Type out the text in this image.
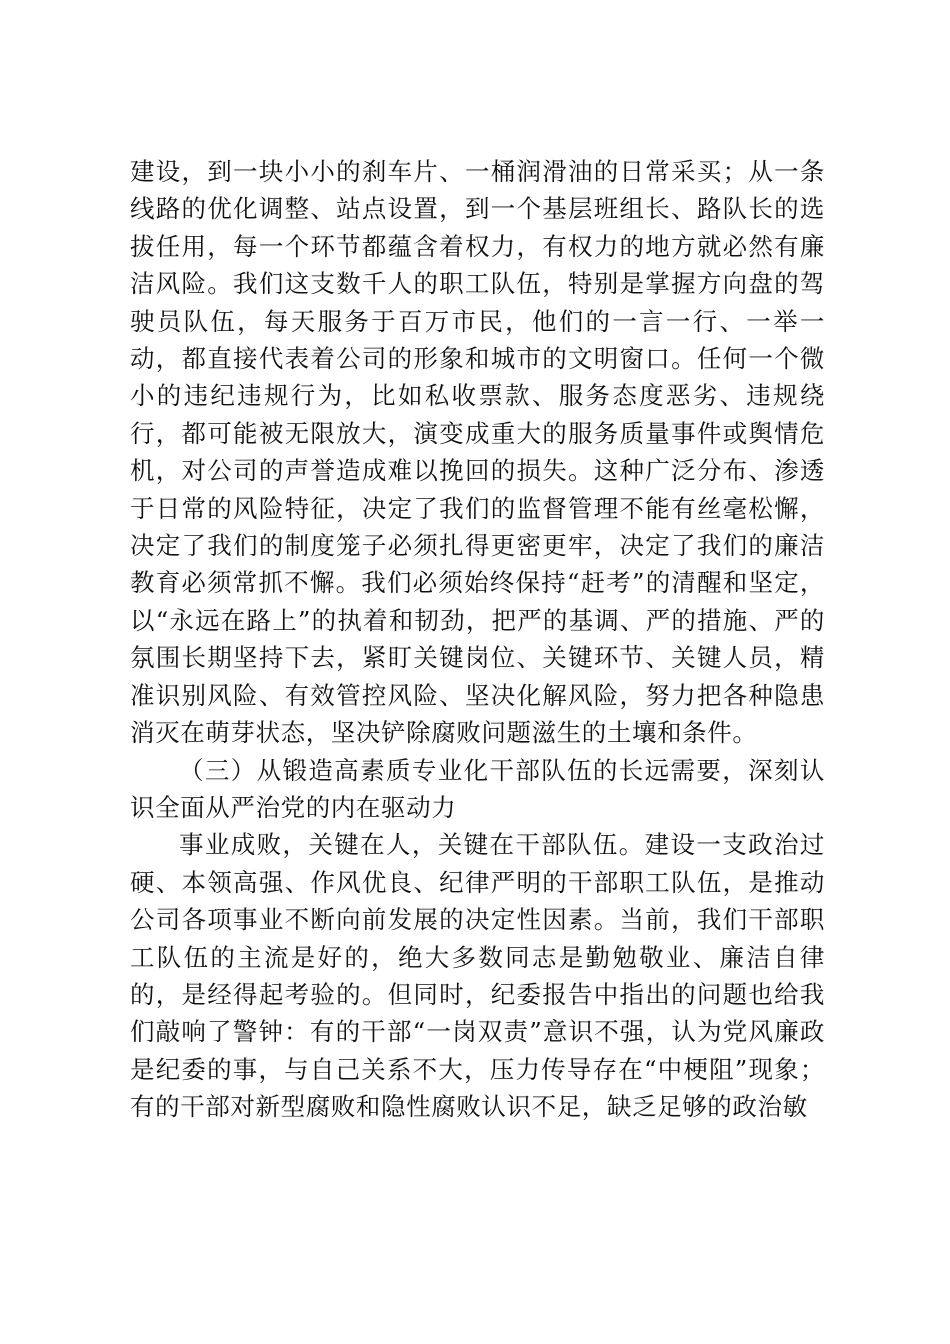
建设，到一块小小的刹车片、一桶润滑油的日常采买；从一条线路的优化调整、站点设置，到一个基层班组长、路队长的选拔任用，每一个环节都蕴含着权力，有权力的地方就必然有廉洁风险。我们这支数千人的职工队伍，特别是掌握方向盘的驾驶员队伍，每天服务于百万市民，他们的一言一行、一举一动，都直接代表着公司的形象和城市的文明窗口。任何一个微小的违纪违规行为，比如私收票款、服务态度恶劣、违规绕行，都可能被无限放大，演变成重大的服务质量事件或舆情危机，对公司的声誉造成难以挽回的损失。这种广泛分布、渗透于日常的风险特征，决定了我们的监督管理不能有丝毫松懈，决定了我们的制度笼子必须扎得更密更牢，决定了我们的廉洁教育必须常抓不懈。我们必须始终保持“赶考”的清醒和坚定，以“永远在路上”的执着和韧劲，把严的基调、严的措施、严的氛围长期坚持下去，紧盯关键岗位、关键环节、关键人员，精准识别风险、有效管控风险、坚决化解风险，努力把各种隐患消灭在萌芽状态，坚决铲除腐败问题滋生的土壤和条件。

（三）从锻造高素质专业化干部队伍的长远需要，深刻认识全面从严治党的内在驱动力

事业成败，关键在人，关键在干部队伍。建设一支政治过硬、本领高强、作风优良、纪律严明的干部职工队伍，是推动公司各项事业不断向前发展的决定性因素。当前，我们干部职工队伍的主流是好的，绝大多数同志是勤勉敬业、廉洁自律的，是经得起考验的。但同时，纪委报告中指出的问题也给我们敲响了警钟：有的干部“一岗双责”意识不强，认为党风廉政是纪委的事，与自己关系不大，压力传导存在“中梗阻”现象；有的干部对新型腐败和隐性腐败认识不足，缺乏足够的政治敏
